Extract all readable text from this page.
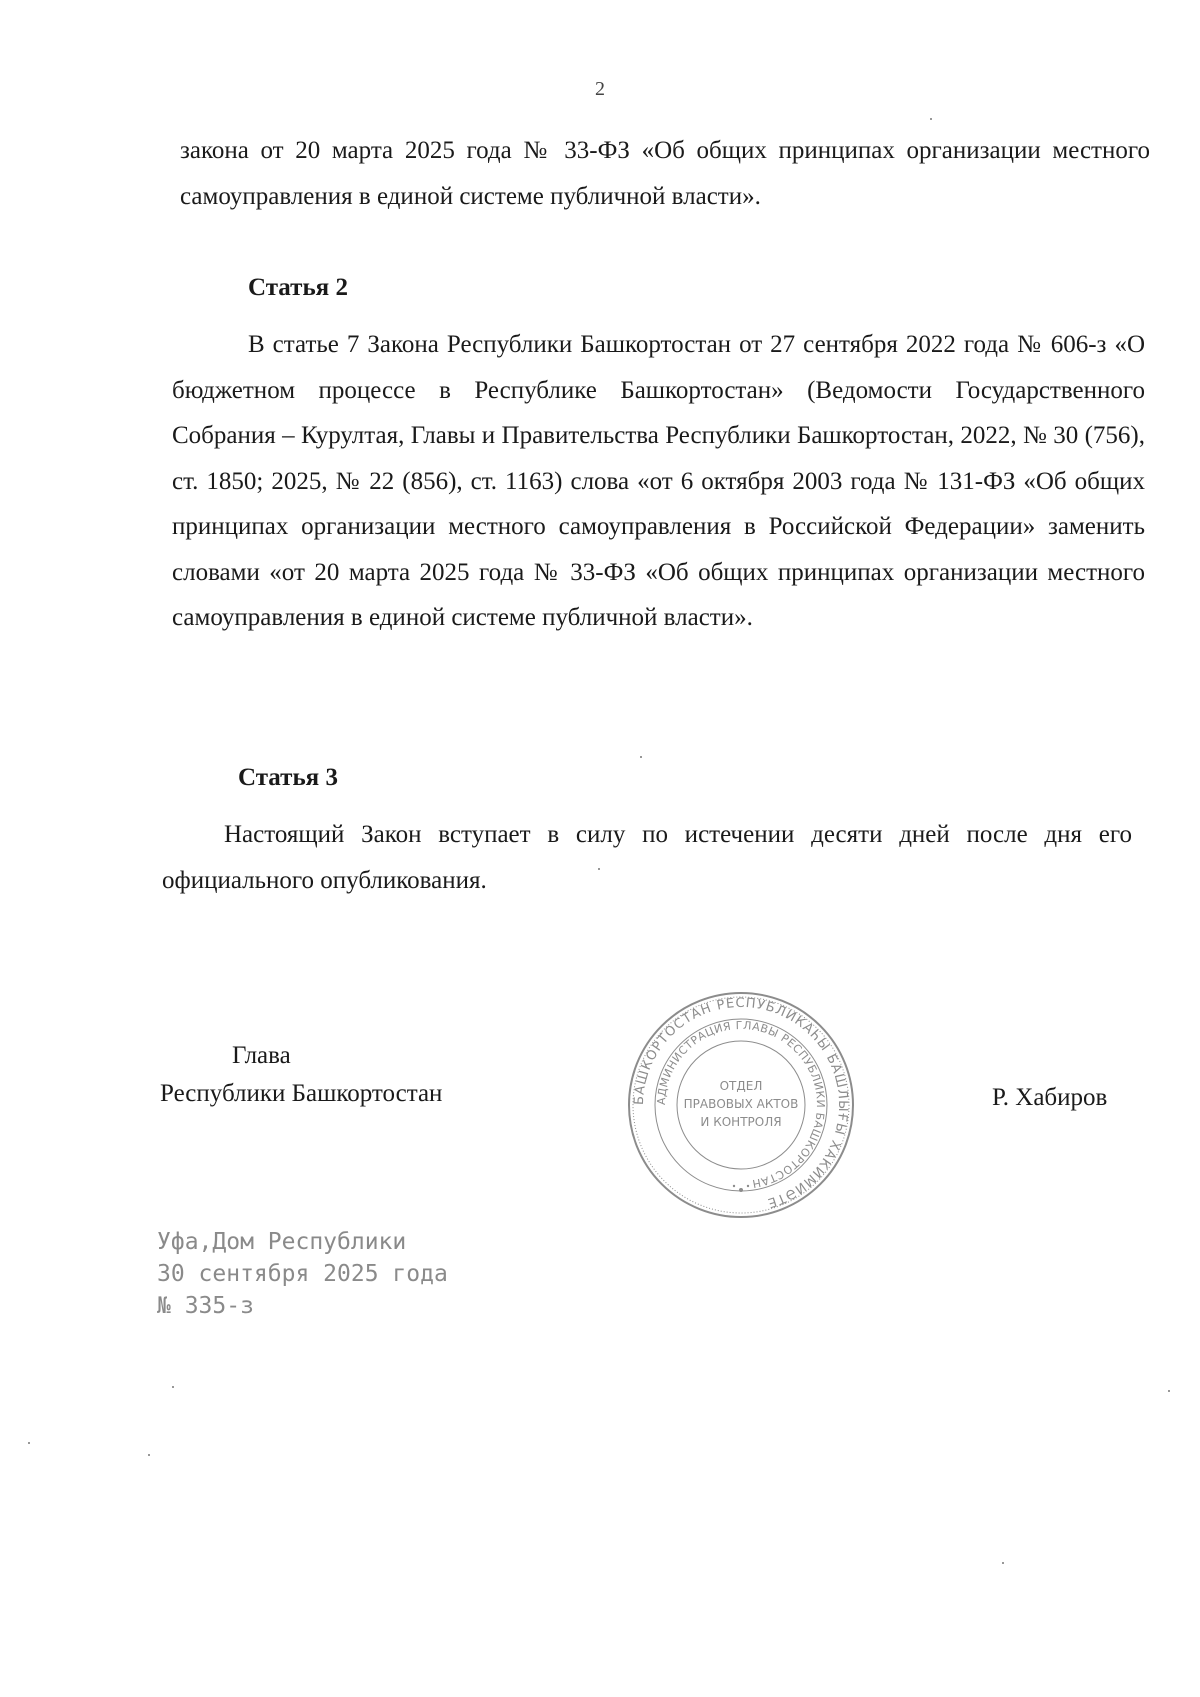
2

закона от 20 марта 2025 года № 33-ФЗ «Об общих принципах организации местного самоуправления в единой системе публичной власти».

Статья 2

В статье 7 Закона Республики Башкортостан от 27 сентября 2022 года № 606-з «О бюджетном процессе в Республике Башкортостан» (Ведомости Государственного Собрания – Курултая, Главы и Правительства Республики Башкортостан, 2022, № 30 (756), ст. 1850; 2025, № 22 (856), ст. 1163) слова «от 6 октября 2003 года № 131-ФЗ «Об общих принципах организации местного самоуправления в Российской Федерации» заменить словами «от 20 марта 2025 года № 33-ФЗ «Об общих принципах организации местного самоуправления в единой системе публичной власти».

Статья 3

Настоящий Закон вступает в силу по истечении десяти дней после дня его официального опубликования.

Глава
Республики Башкортостан	Р. Хабиров
БАШКОРТОСТАН РЕСПУБЛИКАҺЫ БАШЛЫҒЫ ХАКИМИӘТЕ
АДМИНИСТРАЦИЯ ГЛАВЫ РЕСПУБЛИКИ БАШКОРТОСТАН
ОТДЕЛ
ПРАВОВЫХ АКТОВ
И КОНТРОЛЯ
Уфа,Дом Республики
30 сентября 2025 года
№ 335-з
